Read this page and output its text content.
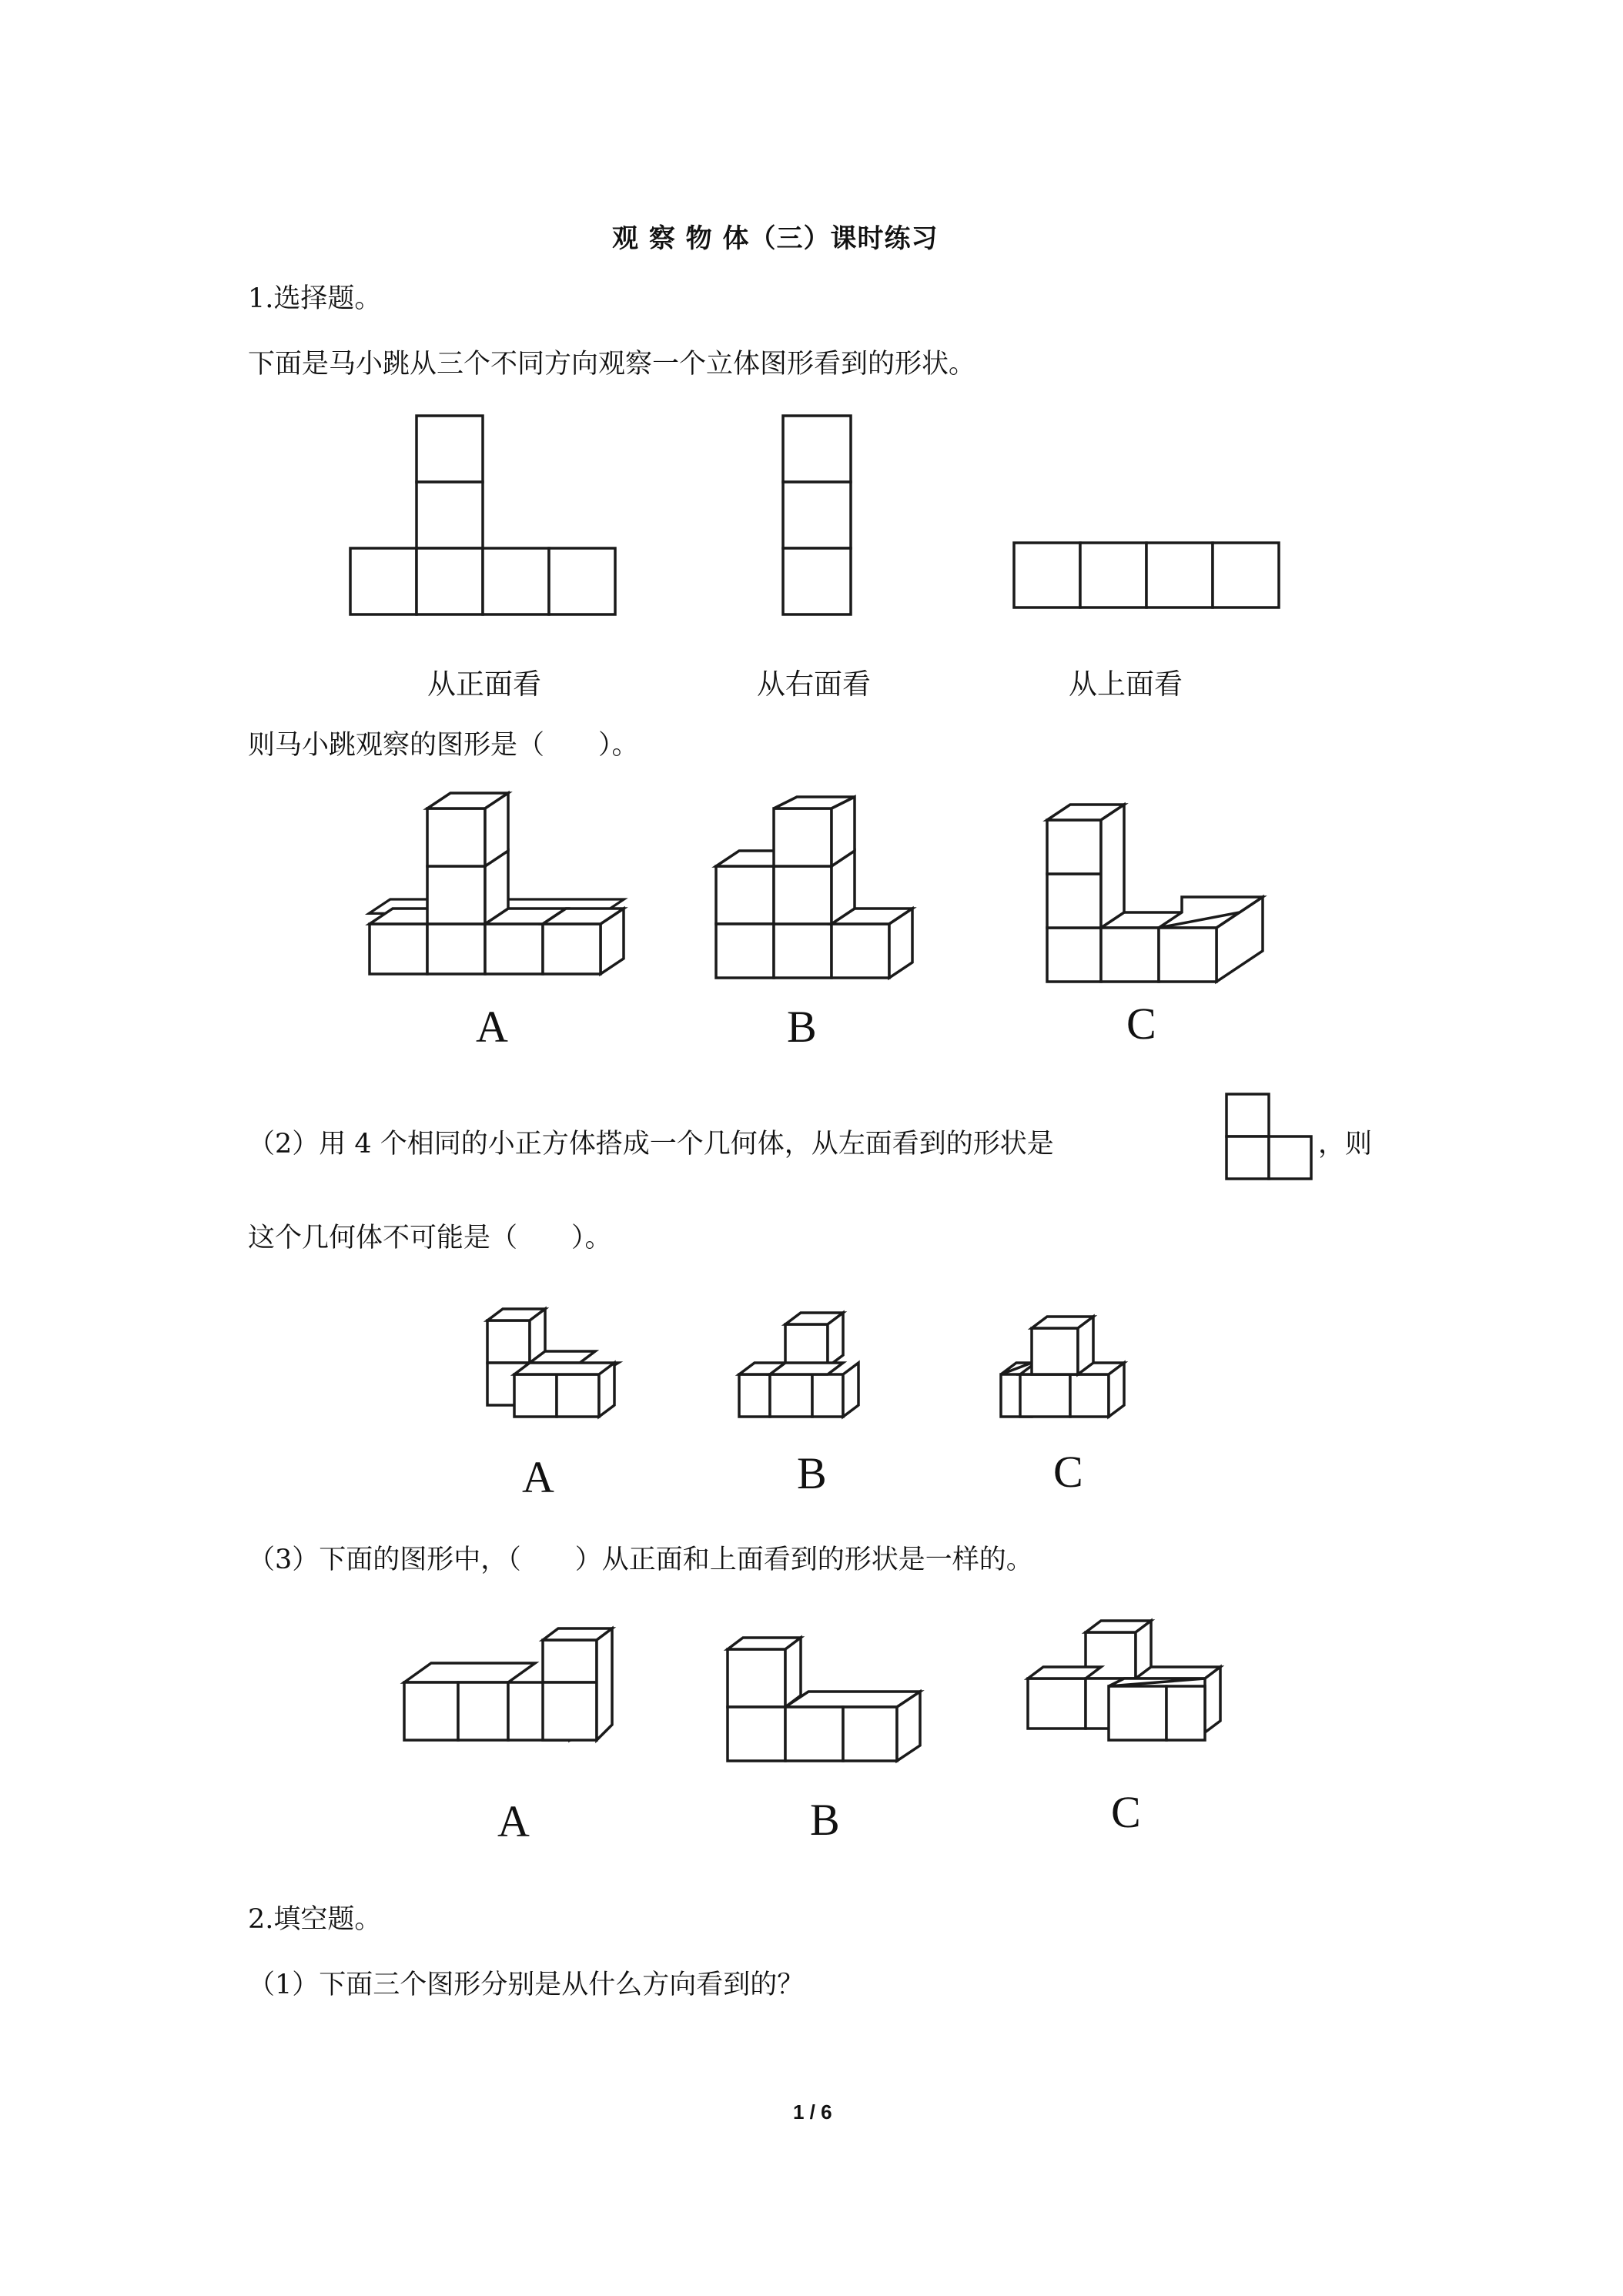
观 察 物 体（三）课时练习
1.选择题。
下面是马小跳从三个不同方向观察一个立体图形看到的形状。
从正面看	从右面看	从上面看
则马小跳观察的图形是（　　）。
A	B	C
（2）用 4 个相同的小正方体搭成一个几何体，从左面看到的形状是	，则
这个几何体不可能是（　　）。
A	B	C
（3）下面的图形中，（　　）从正面和上面看到的形状是一样的。
A	B	C
2.填空题。
（1）下面三个图形分别是从什么方向看到的？
1 / 6
